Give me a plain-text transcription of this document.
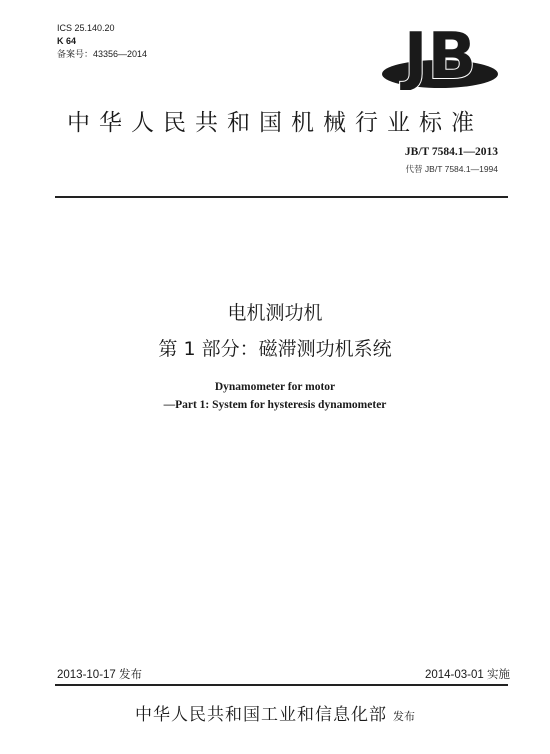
ICS 25.140.20
K 64
备案号：43356—2014	JB
中华人民共和国机械行业标准
JB/T 7584.1—2013
代替 JB/T 7584.1—1994
电机测功机
第 1 部分：磁滞测功机系统
Dynamometer for motor
—Part 1: System for hysteresis dynamometer
2013-10-17 发布	2014-03-01 实施
中华人民共和国工业和信息化部 发布
